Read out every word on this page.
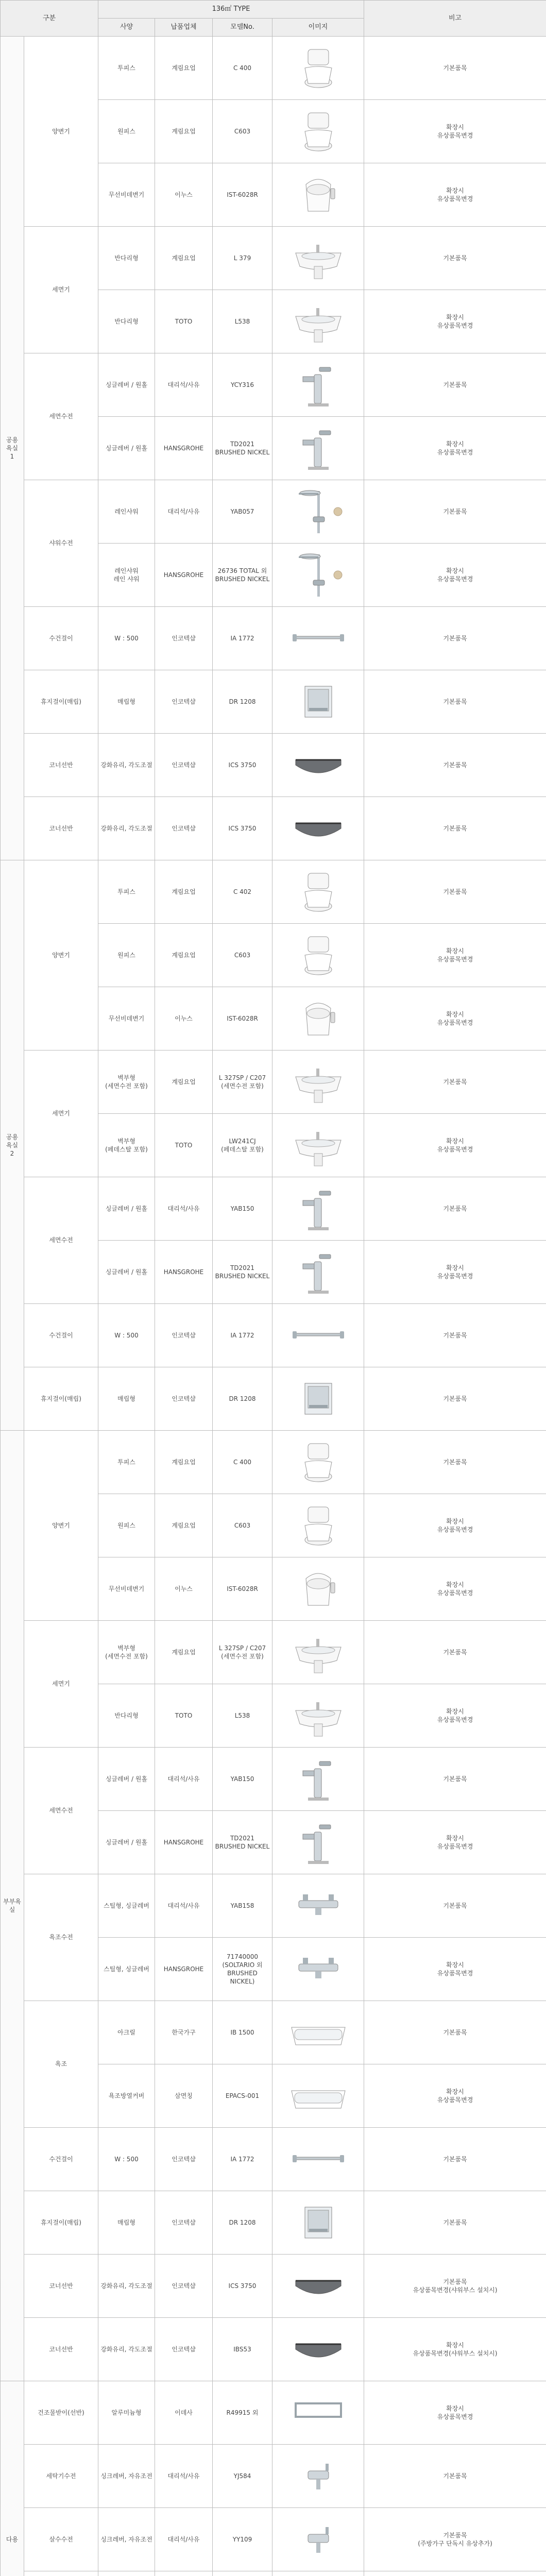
구분		136㎡ TYPE				비고
		사양	납품업체	모델No.	이미지	
공용
욕실
1	양변기	투피스	계림요업	C 400		기본품목
		원피스	계림요업	C603		확장시
유상품목변경
		무선비데변기	이누스	IST-6028R		확장시
유상품목변경
	세면기	반다리형	계림요업	L 379		기본품목
		반다리형	TOTO	L538		확장시
유상품목변경
	세면수전	싱글레버 / 원홀	대리석/사유	YCY316		기본품목
		싱글레버 / 원홀	HANSGROHE	TD2021
BRUSHED NICKEL		확장시
유상품목변경
	샤워수전	레인샤워	대리석/사유	YAB057		기본품목
		레인샤워
레인 샤워	HANSGROHE	26736 TOTAL 외
BRUSHED NICKEL		확장시
유상품목변경
	수건걸이	W : 500	인코텍샵	IA 1772		기본품목
	휴지걸이(매립)	매립형	인코텍샵	DR 1208		기본품목
	코너선반	강화유리, 각도조절	인코텍샵	ICS 3750		기본품목
	코너선반	강화유리, 각도조절	인코텍샵	ICS 3750		기본품목
공용
욕실
2	양변기	투피스	계림요업	C 402		기본품목
		원피스	계림요업	C603		확장시
유상품목변경
		무선비데변기	이누스	IST-6028R		확장시
유상품목변경
	세면기	벽부형
(세면수전 포함)	계림요업	L 327SP / C207
(세면수전 포함)		기본품목
		벽부형
(페데스탈 포함)	TOTO	LW241CJ
(페데스탈 포함)		확장시
유상품목변경
	세면수전	싱글레버 / 원홀	대리석/사유	YAB150		기본품목
		싱글레버 / 원홀	HANSGROHE	TD2021
BRUSHED NICKEL		확장시
유상품목변경
	수건걸이	W : 500	인코텍샵	IA 1772		기본품목
	휴지걸이(매립)	매립형	인코텍샵	DR 1208		기본품목
부부욕실	양변기	투피스	계림요업	C 400		기본품목
		원피스	계림요업	C603		확장시
유상품목변경
		무선비데변기	이누스	IST-6028R		확장시
유상품목변경
	세면기	벽부형
(세면수전 포함)	계림요업	L 327SP / C207
(세면수전 포함)		기본품목
		반다리형	TOTO	L538		확장시
유상품목변경
	세면수전	싱글레버 / 원홀	대리석/사유	YAB150		기본품목
		싱글레버 / 원홀	HANSGROHE	TD2021
BRUSHED NICKEL		확장시
유상품목변경
	욕조수전	스틸형, 싱글레버	대리석/사유	YAB158		기본품목
		스틸형, 싱글레버	HANSGROHE	71740000
(SOLTARIO 외
BRUSHED NICKEL)		확장시
유상품목변경
	욕조	아크릴	한국가구	IB 1500		기본품목
		욕조방열커버	삼면칭	EPACS-001		확장시
유상품목변경
	수건걸이	W : 500	인코텍샵	IA 1772		기본품목
	휴지걸이(매립)	매립형	인코텍샵	DR 1208		기본품목
	코너선반	강화유리, 각도조절	인코텍샵	ICS 3750		기본품목
유상품목변경(샤워부스 설치시)
	코너선반	강화유리, 각도조절	인코텍샵	IBS53		확장시
유상품목변경(샤워부스 설치시)
다용	건조물받이(선반)	알루미늄형	이데사	R49915 외		확장시
유상품목변경
	세탁기수전	싱크레버, 자유조전	대리석/사유	YJ584		기본품목
	살수수전	싱크레버, 자유조전	대리석/사유	YY109		기본품목
(주방가구 단독시 유상추가)
